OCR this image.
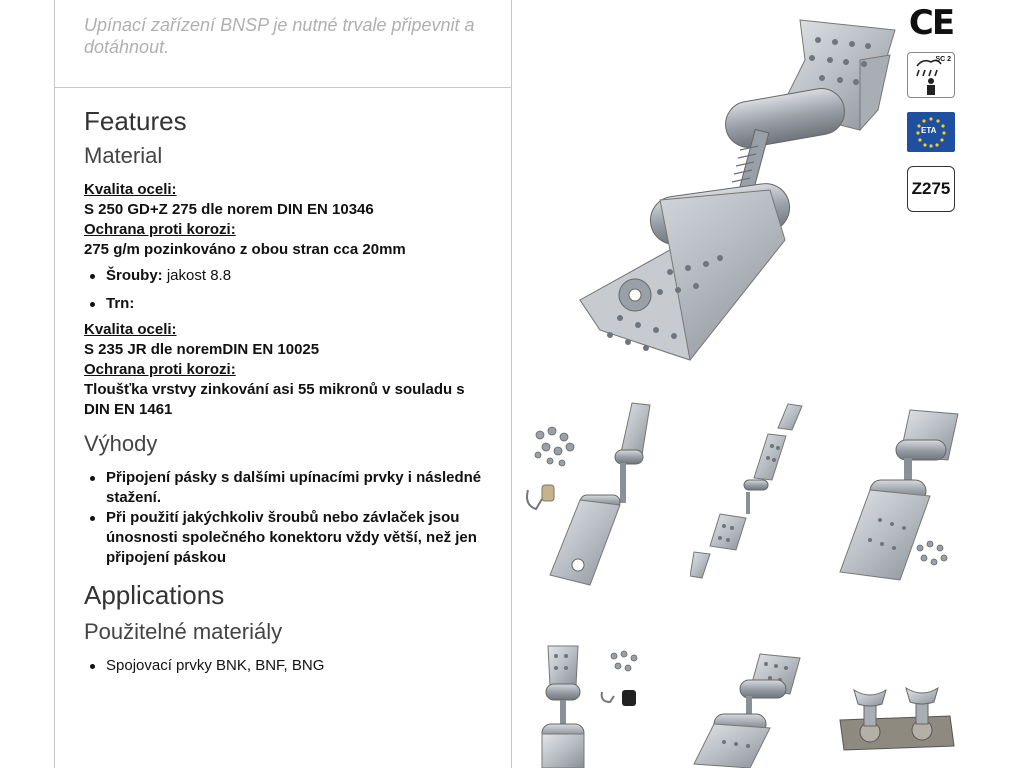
Upínací zařízení BNSP je nutné trvale připevnit a dotáhnout.

Features
Material

Kvalita oceli:

S 250 GD+Z 275 dle norem DIN EN 10346

Ochrana proti korozi:

275 g/m pozinkováno z obou stran cca 20mm

Šrouby: jakost 8.8
Trn:

Kvalita oceli:

S 235 JR dle noremDIN EN 10025

Ochrana proti korozi:

Tloušťka vrstvy zinkování asi 55 mikronů v souladu s DIN EN 1461

Výhody
Připojení pásky s dalšími upínacími prvky i následné stažení.
Při použití jakýchkoliv šroubů nebo závlaček jsou únosnosti společného konektoru vždy větší, než jen připojení páskou
Applications
Použitelné materiály
Spojovací prvky BNK, BNF, BNG
CE
SC 2
ETA
Z275
